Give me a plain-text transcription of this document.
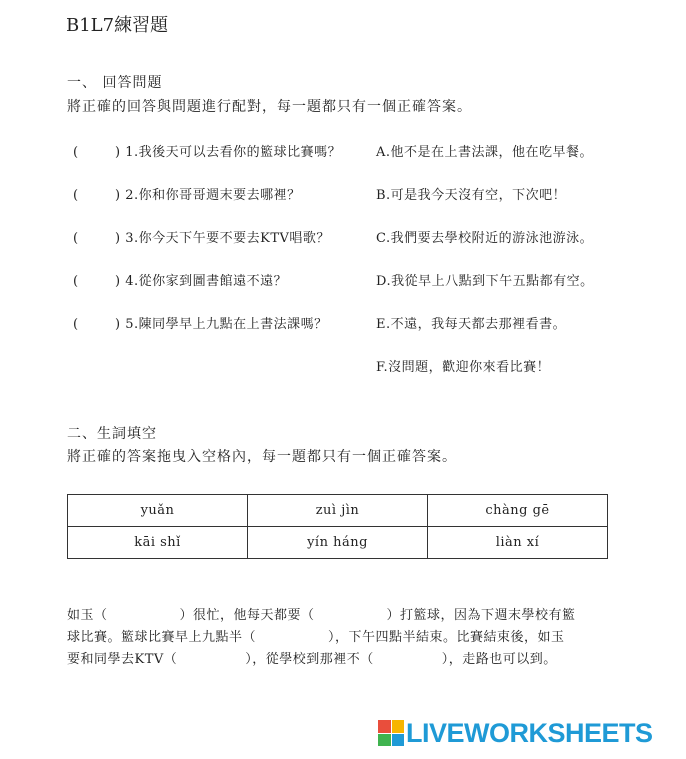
B1L7練習題
一、 回答問題
將正確的回答與問題進行配對，每一題都只有一個正確答案。
(	) 1.我後天可以去看你的籃球比賽嗎？
(	) 2.你和你哥哥週末要去哪裡？
(	) 3.你今天下午要不要去KTV唱歌？
(	) 4.從你家到圖書館遠不遠？
(	) 5.陳同學早上九點在上書法課嗎？
A.他不是在上書法課，他在吃早餐。
B.可是我今天沒有空，下次吧！
C.我們要去學校附近的游泳池游泳。
D.我從早上八點到下午五點都有空。
E.不遠，我每天都去那裡看書。
F.沒問題，歡迎你來看比賽！
二、生詞填空
將正確的答案拖曳入空格內，每一題都只有一個正確答案。
yuǎn	zuì jìn	chàng gē
kāi shǐ	yín háng	liàn xí
如玉（	）很忙，他每天都要（	）打籃球，因為下週末學校有籃
球比賽。籃球比賽早上九點半（	），下午四點半結束。比賽結束後，如玉
要和同學去KTV（	），從學校到那裡不（	），走路也可以到。
LIVEWORKSHEETS
